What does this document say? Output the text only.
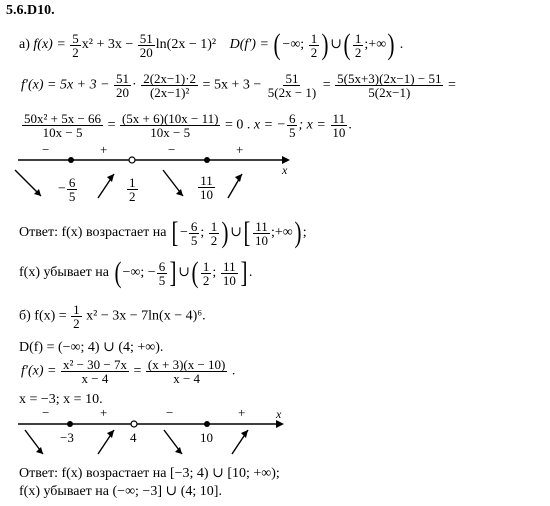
5.6.D10.
а) $f(x) = \frac{5}{2} x^2 + 3x - \frac{51}{20} \ln(2x - 1)^2$ D(f′) = ( −∞; $\frac{1}{2}$ ) ∪( $\frac{1}{2}$ ;+∞) .
$f'(x) = 5x + 3 - \frac{51}{20} \cdot \frac{2(2x-1)\cdot 2}{\text{(2x−1)²}} = 5x + 3 - \frac{51}{5(2x - 1)} = \frac{5(5x+3)(2x-1) - 51}{5(2x-1)}$ =
$\frac{\text{50x² + 5x − 66}}{10x - 5} = \frac{(5x + 6)(10x - 11)}{10x - 5} = 0$ . x = − $\frac{6}{5}$ ; $x = \frac{11}{10}$ .
x
−	+	−	+
− $\frac{6}{5}$	$\frac{1}{2}$	$\frac{11}{10}$
Ответ: f(x) возрастает на [ − $\frac{6}{5}$ ; $\frac{1}{2}$ ) ∪[ $\frac{11}{10}$ ;+∞) ;
f(x) убывает на ( −∞; − $\frac{6}{5}$ ] ∪( $\frac{1}{2}$ ; $\frac{11}{10}$ ] .
б) $f(x) = \frac{1}{2} x^2 - 3x - 7\ln(x - 4)^6$.
D(f) = (−∞; 4) ∪ (4; +∞).
$f'(x) = \frac{\text{x² − 30 − 7x}}{x - 4} = \frac{(x + 3)(x - 10)}{x - 4}$ .
x = −3; x = 10.
x
−	+	−	+
−3	4	10
Ответ: f(x) возрастает на [−3; 4) ∪ [10; +∞);
f(x) убывает на (−∞; −3] ∪ (4; 10].
